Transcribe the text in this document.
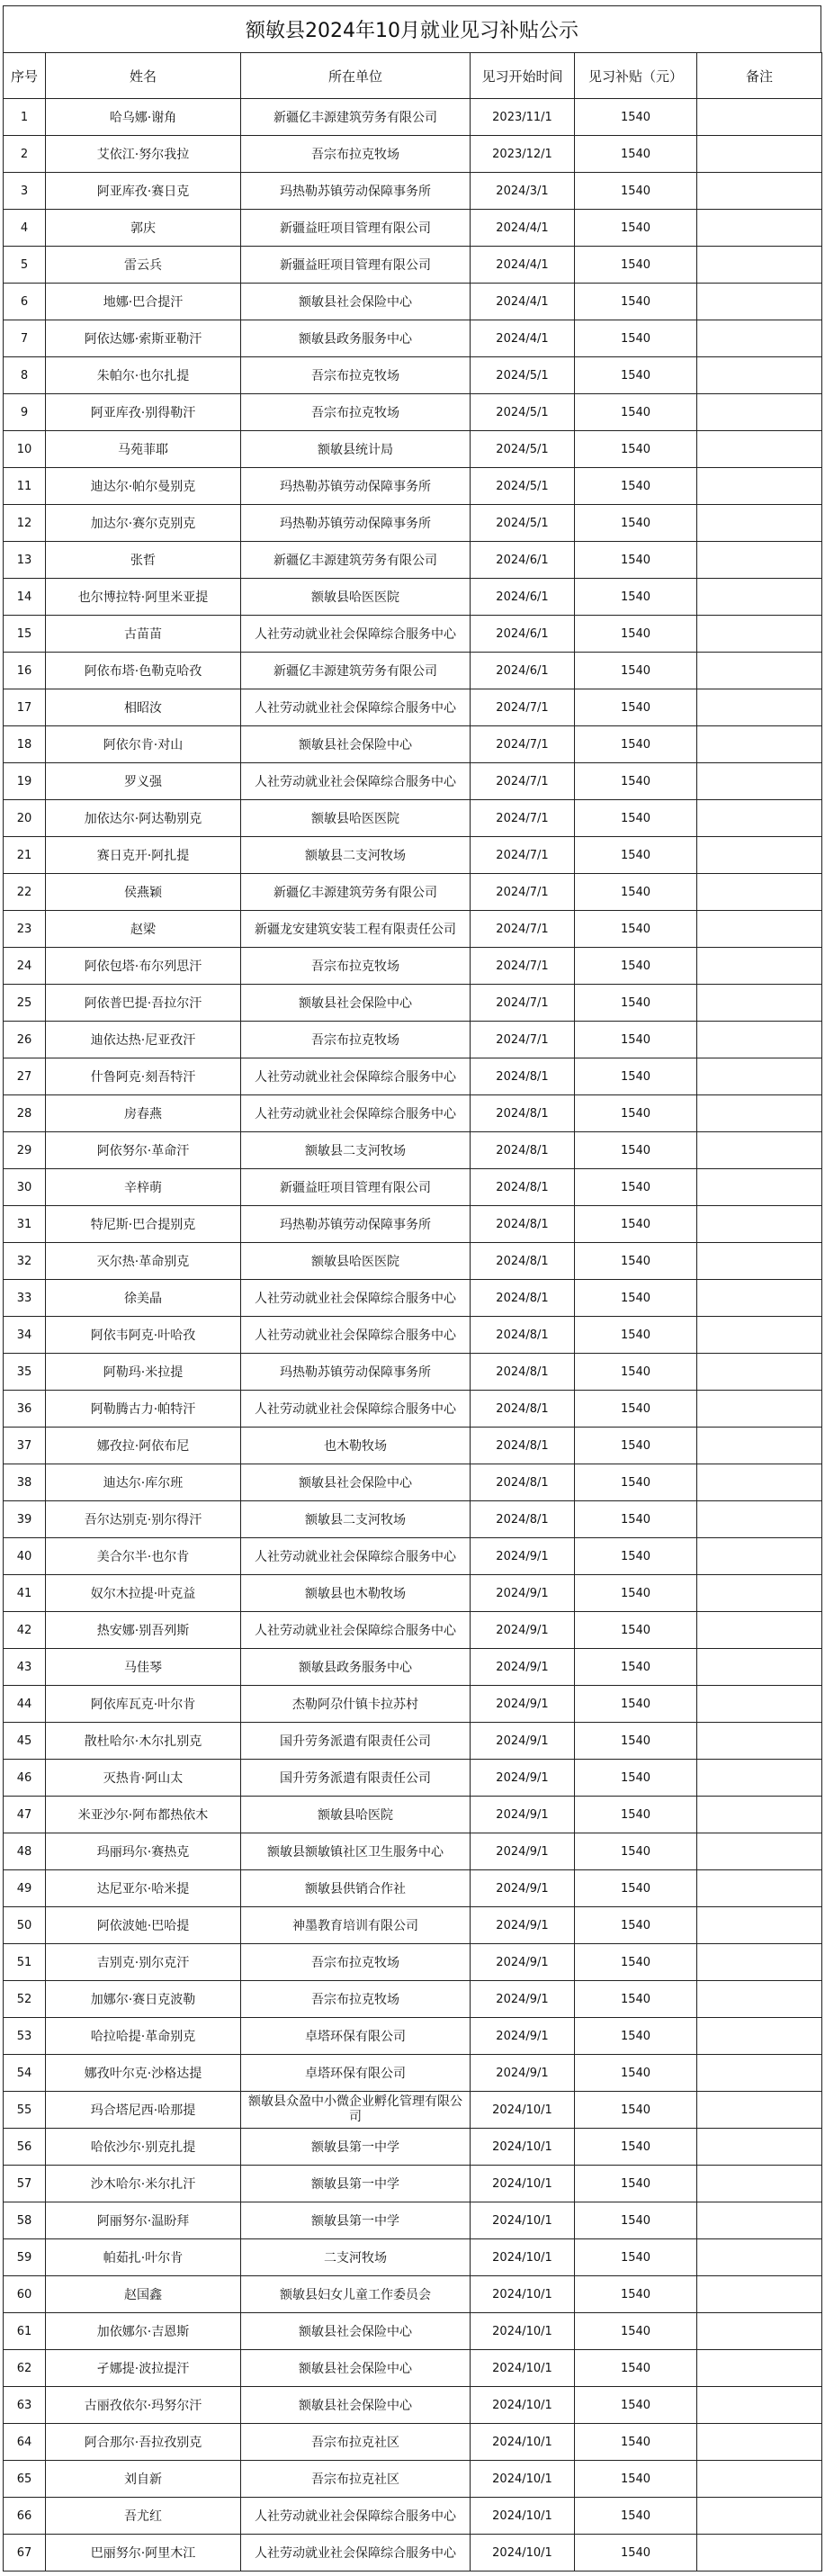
额敏县2024年10月就业见习补贴公示
序号	姓名	所在单位	见习开始时间	见习补贴（元）	备注
1	哈乌娜·谢角	新疆亿丰源建筑劳务有限公司	2023/11/1	1540	
2	艾依江·努尔我拉	吾宗布拉克牧场	2023/12/1	1540	
3	阿亚库孜·赛日克	玛热勒苏镇劳动保障事务所	2024/3/1	1540	
4	郭庆	新疆益旺项目管理有限公司	2024/4/1	1540	
5	雷云兵	新疆益旺项目管理有限公司	2024/4/1	1540	
6	地娜·巴合提汗	额敏县社会保险中心	2024/4/1	1540	
7	阿依达娜·索斯亚勒汗	额敏县政务服务中心	2024/4/1	1540	
8	朱帕尔·也尔扎提	吾宗布拉克牧场	2024/5/1	1540	
9	阿亚库孜·别得勒汗	吾宗布拉克牧场	2024/5/1	1540	
10	马苑菲耶	额敏县统计局	2024/5/1	1540	
11	迪达尔·帕尔曼别克	玛热勒苏镇劳动保障事务所	2024/5/1	1540	
12	加达尔·赛尔克别克	玛热勒苏镇劳动保障事务所	2024/5/1	1540	
13	张哲	新疆亿丰源建筑劳务有限公司	2024/6/1	1540	
14	也尔博拉特·阿里米亚提	额敏县哈医医院	2024/6/1	1540	
15	古苗苗	人社劳动就业社会保障综合服务中心	2024/6/1	1540	
16	阿依布塔·色勒克哈孜	新疆亿丰源建筑劳务有限公司	2024/6/1	1540	
17	相昭汝	人社劳动就业社会保障综合服务中心	2024/7/1	1540	
18	阿依尔肯·对山	额敏县社会保险中心	2024/7/1	1540	
19	罗义强	人社劳动就业社会保障综合服务中心	2024/7/1	1540	
20	加依达尔·阿达勒别克	额敏县哈医医院	2024/7/1	1540	
21	赛日克开·阿扎提	额敏县二支河牧场	2024/7/1	1540	
22	侯燕颖	新疆亿丰源建筑劳务有限公司	2024/7/1	1540	
23	赵梁	新疆龙安建筑安装工程有限责任公司	2024/7/1	1540	
24	阿依包塔·布尔列思汗	吾宗布拉克牧场	2024/7/1	1540	
25	阿依普巴提·吾拉尔汗	额敏县社会保险中心	2024/7/1	1540	
26	迪依达热·尼亚孜汗	吾宗布拉克牧场	2024/7/1	1540	
27	什鲁阿克·刻吾特汗	人社劳动就业社会保障综合服务中心	2024/8/1	1540	
28	房春燕	人社劳动就业社会保障综合服务中心	2024/8/1	1540	
29	阿依努尔·革命汗	额敏县二支河牧场	2024/8/1	1540	
30	辛梓萌	新疆益旺项目管理有限公司	2024/8/1	1540	
31	特尼斯·巴合提别克	玛热勒苏镇劳动保障事务所	2024/8/1	1540	
32	灭尔热·革命别克	额敏县哈医医院	2024/8/1	1540	
33	徐美晶	人社劳动就业社会保障综合服务中心	2024/8/1	1540	
34	阿依韦阿克·叶哈孜	人社劳动就业社会保障综合服务中心	2024/8/1	1540	
35	阿勒玛·米拉提	玛热勒苏镇劳动保障事务所	2024/8/1	1540	
36	阿勒腾古力·帕特汗	人社劳动就业社会保障综合服务中心	2024/8/1	1540	
37	娜孜拉·阿依布尼	也木勒牧场	2024/8/1	1540	
38	迪达尔·库尔班	额敏县社会保险中心	2024/8/1	1540	
39	吾尔达别克·别尔得汗	额敏县二支河牧场	2024/8/1	1540	
40	美合尔半·也尔肯	人社劳动就业社会保障综合服务中心	2024/9/1	1540	
41	奴尔木拉提·叶克益	额敏县也木勒牧场	2024/9/1	1540	
42	热安娜·别吾列斯	人社劳动就业社会保障综合服务中心	2024/9/1	1540	
43	马佳琴	额敏县政务服务中心	2024/9/1	1540	
44	阿依库瓦克·叶尔肯	杰勒阿尕什镇卡拉苏村	2024/9/1	1540	
45	散杜哈尔·木尔扎别克	国升劳务派遣有限责任公司	2024/9/1	1540	
46	灭热肯·阿山太	国升劳务派遣有限责任公司	2024/9/1	1540	
47	米亚沙尔·阿布都热依木	额敏县哈医院	2024/9/1	1540	
48	玛丽玛尔·赛热克	额敏县额敏镇社区卫生服务中心	2024/9/1	1540	
49	达尼亚尔·哈米提	额敏县供销合作社	2024/9/1	1540	
50	阿依波她·巴哈提	神墨教育培训有限公司	2024/9/1	1540	
51	吉别克·别尔克汗	吾宗布拉克牧场	2024/9/1	1540	
52	加娜尔·赛日克波勒	吾宗布拉克牧场	2024/9/1	1540	
53	哈拉哈提·革命别克	卓塔环保有限公司	2024/9/1	1540	
54	娜孜叶尔克·沙格达提	卓塔环保有限公司	2024/9/1	1540	
55	玛合塔尼西·哈那提	额敏县众盈中小微企业孵化管理有限公司	2024/10/1	1540	
56	哈依沙尔·别克扎提	额敏县第一中学	2024/10/1	1540	
57	沙木哈尔·米尔扎汗	额敏县第一中学	2024/10/1	1540	
58	阿丽努尔·温盼拜	额敏县第一中学	2024/10/1	1540	
59	帕茹扎·叶尔肯	二支河牧场	2024/10/1	1540	
60	赵国鑫	额敏县妇女儿童工作委员会	2024/10/1	1540	
61	加依娜尔·吉恩斯	额敏县社会保险中心	2024/10/1	1540	
62	孑娜提·波拉提汗	额敏县社会保险中心	2024/10/1	1540	
63	古丽孜依尔·玛努尔汗	额敏县社会保险中心	2024/10/1	1540	
64	阿合那尔·吾拉孜别克	吾宗布拉克社区	2024/10/1	1540	
65	刘自新	吾宗布拉克社区	2024/10/1	1540	
66	吾尤红	人社劳动就业社会保障综合服务中心	2024/10/1	1540	
67	巴丽努尔·阿里木江	人社劳动就业社会保障综合服务中心	2024/10/1	1540	
